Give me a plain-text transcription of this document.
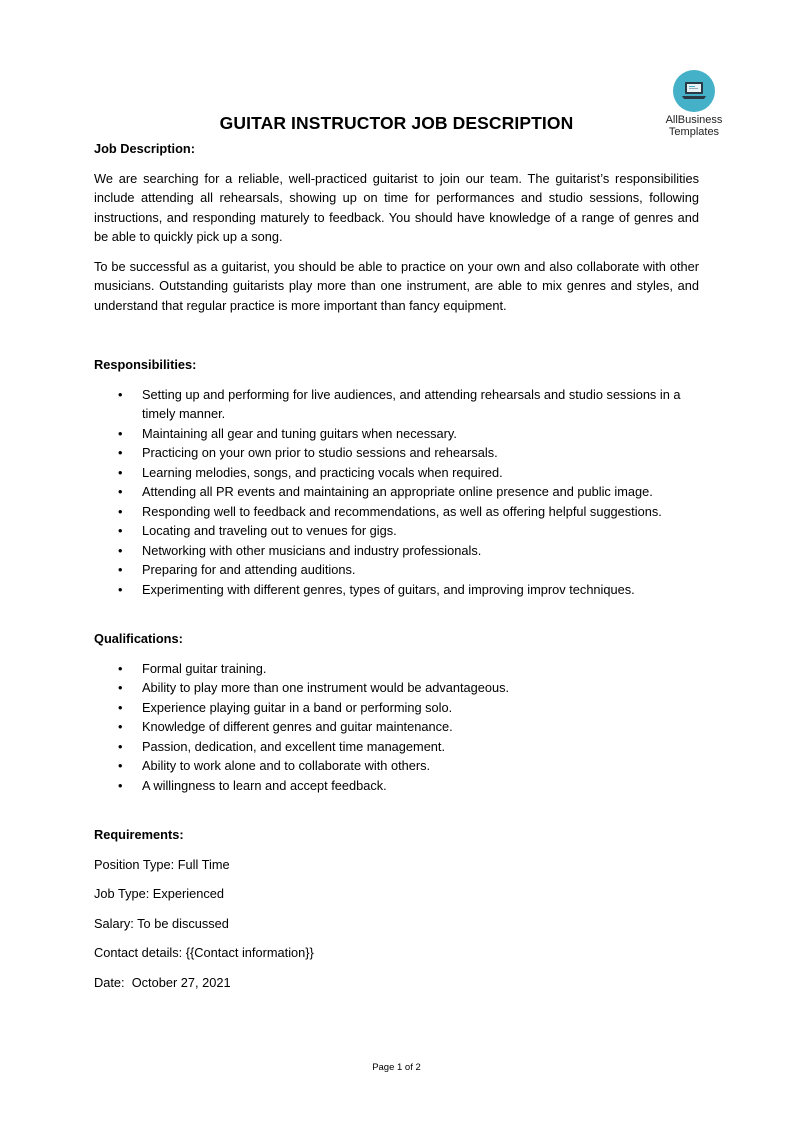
AllBusiness
Templates
GUITAR INSTRUCTOR JOB DESCRIPTION

Job Description:

We are searching for a reliable, well-practiced guitarist to join our team. The guitarist’s responsibilities include attending all rehearsals, showing up on time for performances and studio sessions, following instructions, and responding maturely to feedback. You should have knowledge of a range of genres and be able to quickly pick up a song.

To be successful as a guitarist, you should be able to practice on your own and also collaborate with other musicians. Outstanding guitarists play more than one instrument, are able to mix genres and styles, and understand that regular practice is more important than fancy equipment.

Responsibilities:

• Setting up and performing for live audiences, and attending rehearsals and studio sessions in a timely manner.
• Maintaining all gear and tuning guitars when necessary.
• Practicing on your own prior to studio sessions and rehearsals.
• Learning melodies, songs, and practicing vocals when required.
• Attending all PR events and maintaining an appropriate online presence and public image.
• Responding well to feedback and recommendations, as well as offering helpful suggestions.
• Locating and traveling out to venues for gigs.
• Networking with other musicians and industry professionals.
• Preparing for and attending auditions.
• Experimenting with different genres, types of guitars, and improving improv techniques.

Qualifications:

• Formal guitar training.
• Ability to play more than one instrument would be advantageous.
• Experience playing guitar in a band or performing solo.
• Knowledge of different genres and guitar maintenance.
• Passion, dedication, and excellent time management.
• Ability to work alone and to collaborate with others.
• A willingness to learn and accept feedback.

Requirements:

Position Type: Full Time

Job Type: Experienced

Salary: To be discussed

Contact details: {{Contact information}}

Date:  October 27, 2021

Page 1 of 2
